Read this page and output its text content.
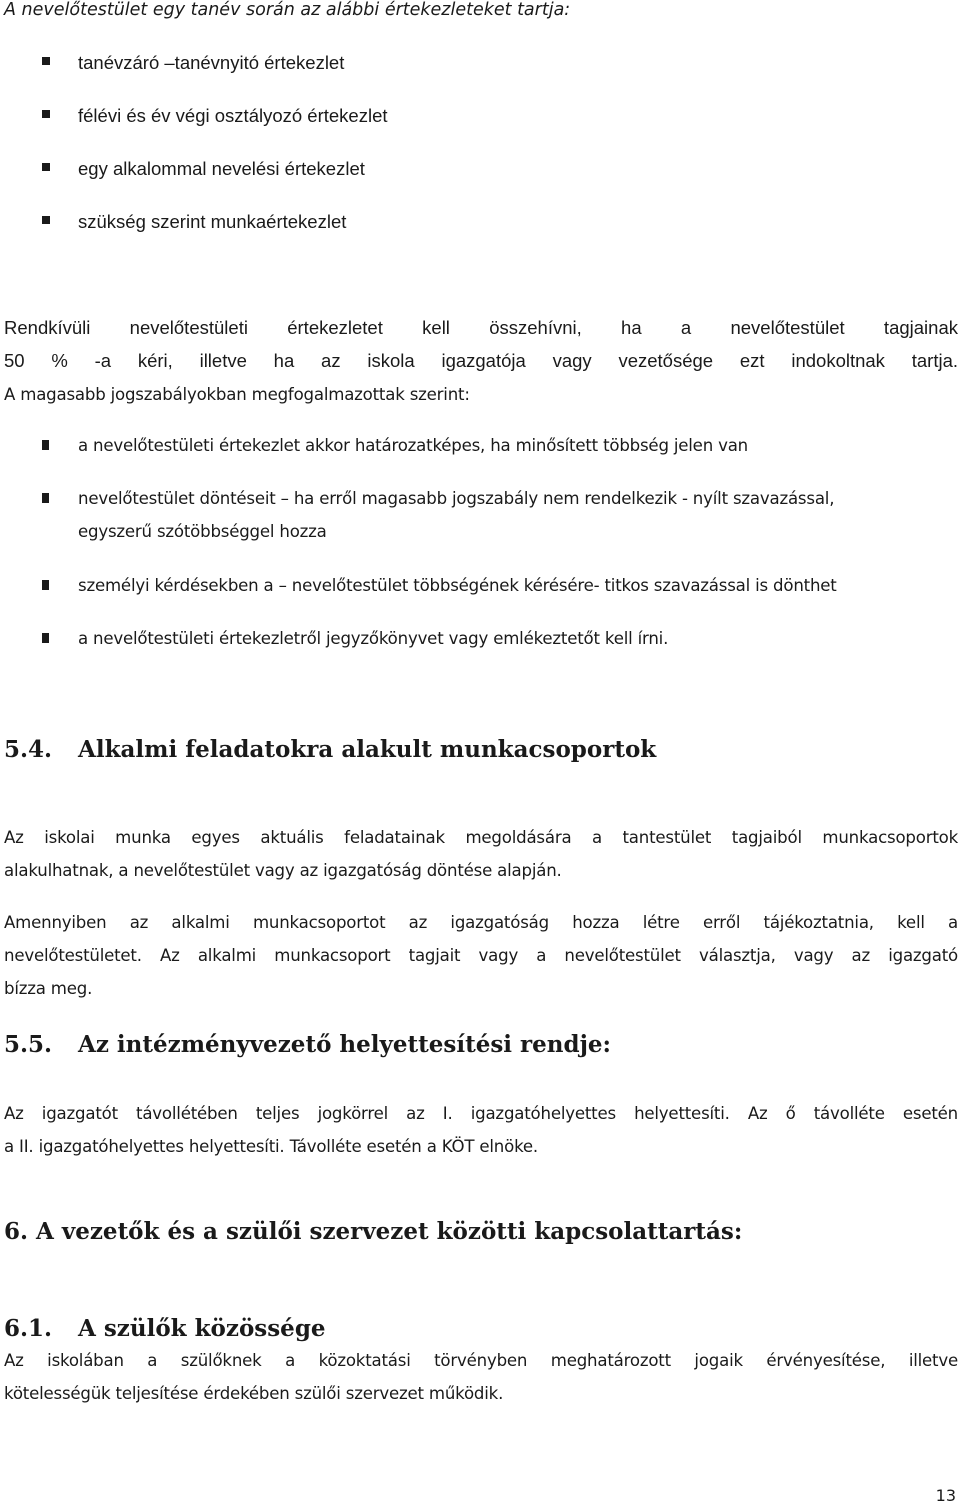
A nevelőtestület egy tanév során az alábbi értekezleteket tartja:
tanévzáró –tanévnyitó értekezlet
félévi és év végi osztályozó értekezlet
egy alkalommal nevelési értekezlet
szükség szerint munkaértekezlet
Rendkívüli nevelőtestületi értekezletet kell összehívni, ha a nevelőtestület tagjainak
50 % -a kéri, illetve ha az iskola igazgatója vagy vezetősége ezt indokoltnak tartja.
A magasabb jogszabályokban megfogalmazottak szerint:
a nevelőtestületi értekezlet akkor határozatképes, ha minősített többség jelen van
nevelőtestület döntéseit – ha erről magasabb jogszabály nem rendelkezik - nyílt szavazással,
egyszerű szótöbbséggel hozza
személyi kérdésekben a – nevelőtestület többségének kérésére- titkos szavazással is dönthet
a nevelőtestületi értekezletről jegyzőkönyvet vagy emlékeztetőt kell írni.
5.4. Alkalmi feladatokra alakult munkacsoportok
Az iskolai munka egyes aktuális feladatainak megoldására a tantestület tagjaiból munkacsoportok
alakulhatnak, a nevelőtestület vagy az igazgatóság döntése alapján.
Amennyiben az alkalmi munkacsoportot az igazgatóság hozza létre erről tájékoztatnia, kell a
nevelőtestületet. Az alkalmi munkacsoport tagjait vagy a nevelőtestület választja, vagy az igazgató
bízza meg.
5.5. Az intézményvezető helyettesítési rendje:
Az igazgatót távollétében teljes jogkörrel az I. igazgatóhelyettes helyettesíti. Az ő távolléte esetén
a II. igazgatóhelyettes helyettesíti. Távolléte esetén a KÖT elnöke.
6. A vezetők és a szülői szervezet közötti kapcsolattartás:
6.1. A szülők közössége
Az iskolában a szülőknek a közoktatási törvényben meghatározott jogaik érvényesítése, illetve
kötelességük teljesítése érdekében szülői szervezet működik.
13
